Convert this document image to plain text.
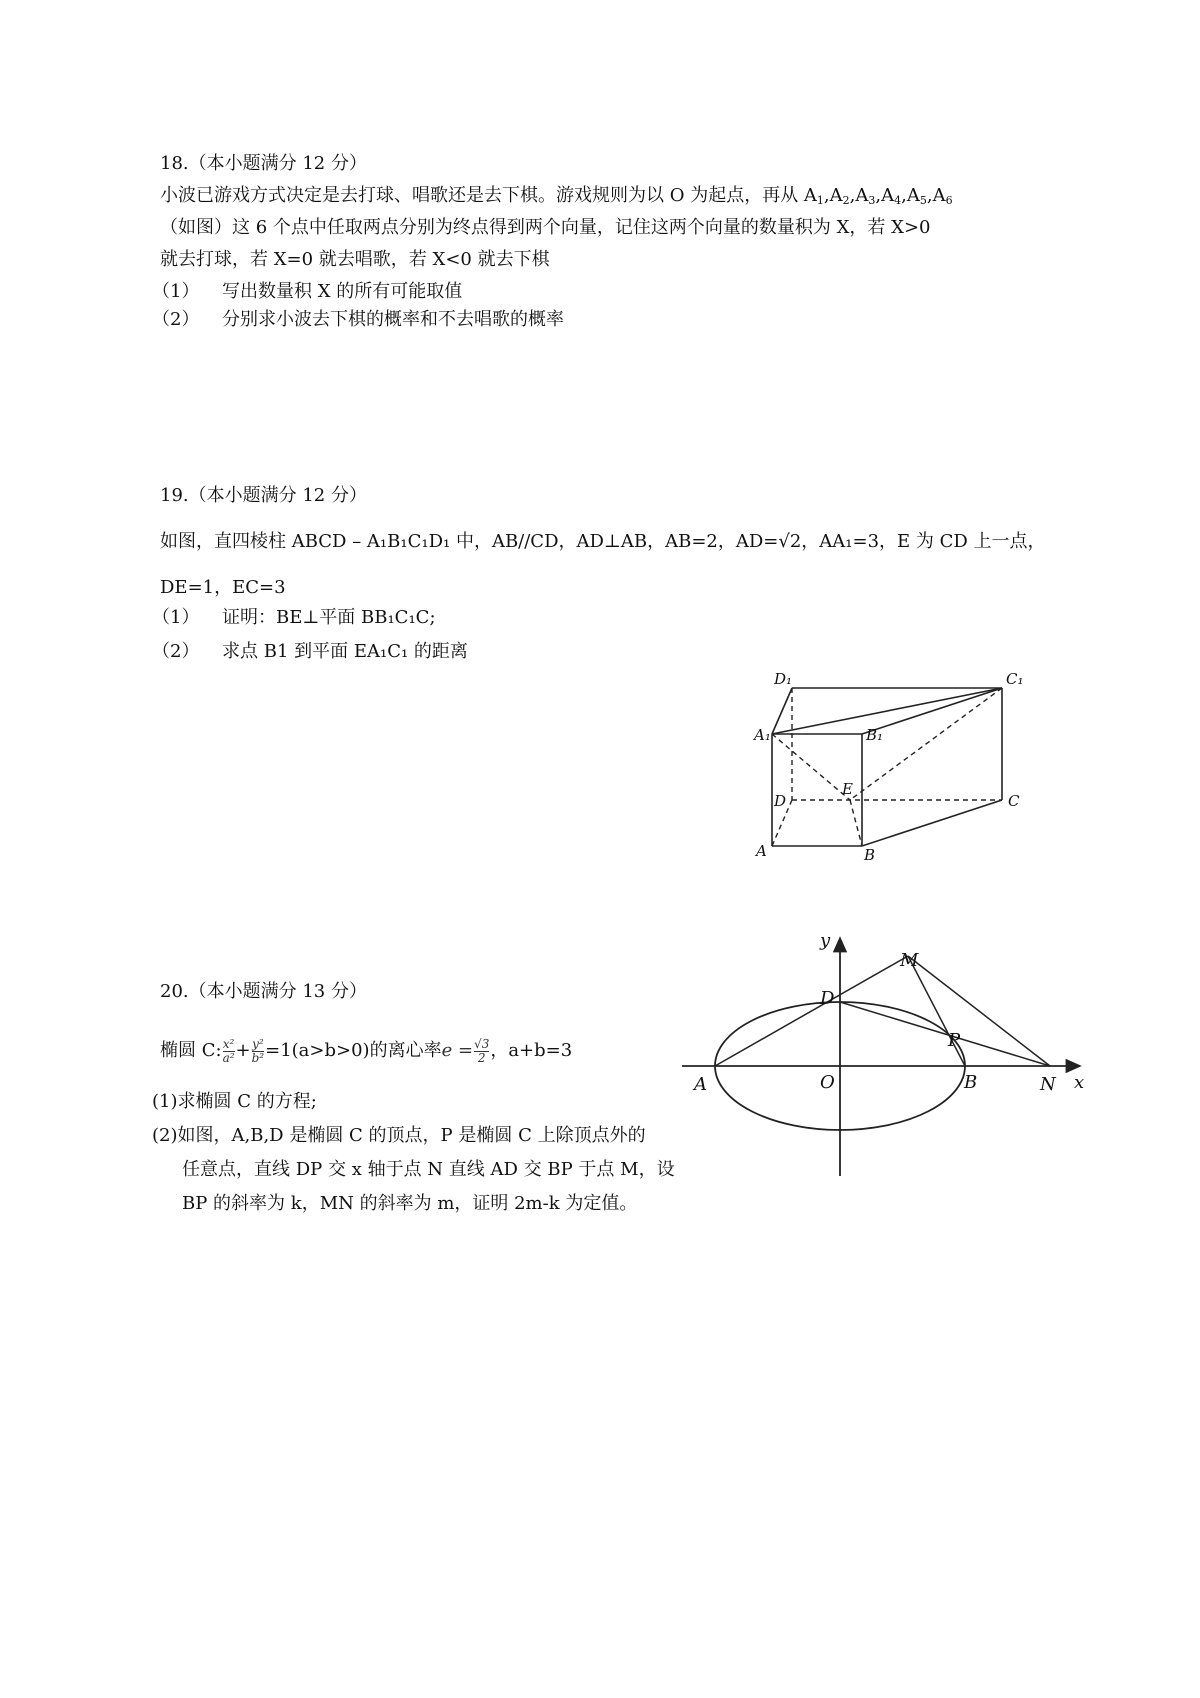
18.（本小题满分 12 分）
小波已游戏方式决定是去打球、唱歌还是去下棋。游戏规则为以 O 为起点，再从 $A_1,A_2,A_3,A_4,A_5,A_6$
（如图）这 6 个点中任取两点分别为终点得到两个向量，记住这两个向量的数量积为 X，若 X>0
就去打球，若 X=0 就去唱歌，若 X<0 就去下棋
（1） 写出数量积 X 的所有可能取值
（2） 分别求小波去下棋的概率和不去唱歌的概率
19.（本小题满分 12 分）
如图，直四棱柱 ABCD – A₁B₁C₁D₁ 中，AB//CD，AD⊥AB，AB=2，AD=√2，AA₁=3，E 为 CD 上一点，
DE=1，EC=3
（1） 证明：BE⊥平面 BB₁C₁C;
（2） 求点 B1 到平面 EA₁C₁ 的距离
D₁	C₁
A₁	B₁
D
E
C
A	B
20.（本小题满分 13 分）
椭圆 C: $\frac{\text{x²}}{\text{a²}} + \frac{\text{y²}}{\text{b²}} =1(a>b>0)$的离心率$e = \frac{√3}{2}$ ，a+b=3
(1)求椭圆 C 的方程;
(2)如图，A,B,D 是椭圆 C 的顶点，P 是椭圆 C 上除顶点外的
任意点，直线 DP 交 x 轴于点 N 直线 AD 交 BP 于点 M，设
BP 的斜率为 k，MN 的斜率为 m，证明 2m-k 为定值。
y
x
M
D
P
A	O	B	N
